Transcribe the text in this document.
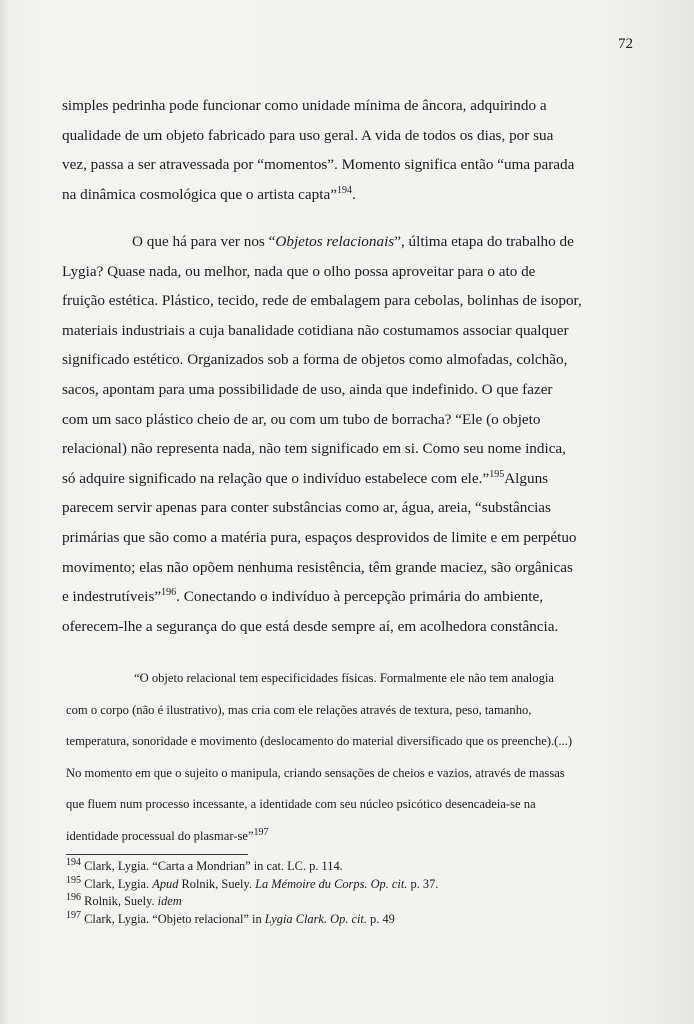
72

simples pedrinha pode funcionar como unidade mínima de âncora, adquirindo a qualidade de um objeto fabricado para uso geral. A vida de todos os dias, por sua vez, passa a ser atravessada por “momentos”. Momento significa então “uma parada na dinâmica cosmológica que o artista capta”$^{194}$.

O que há para ver nos “Objetos relacionais”, última etapa do trabalho de Lygia? Quase nada, ou melhor, nada que o olho possa aproveitar para o ato de fruição estética. Plástico, tecido, rede de embalagem para cebolas, bolinhas de isopor, materiais industriais a cuja banalidade cotidiana não costumamos associar qualquer significado estético. Organizados sob a forma de objetos como almofadas, colchão, sacos, apontam para uma possibilidade de uso, ainda que indefinido. O que fazer com um saco plástico cheio de ar, ou com um tubo de borracha? “Ele (o objeto relacional) não representa nada, não tem significado em si. Como seu nome indica, só adquire significado na relação que o indivíduo estabelece com ele.”$^{195}$Alguns parecem servir apenas para conter substâncias como ar, água, areia, “substâncias primárias que são como a matéria pura, espaços desprovidos de limite e em perpétuo movimento; elas não opõem nenhuma resistência, têm grande maciez, são orgânicas e indestrutíveis”$^{196}$. Conectando o indivíduo à percepção primária do ambiente, oferecem-lhe a segurança do que está desde sempre aí, em acolhedora constância.

“O objeto relacional tem especificidades físicas. Formalmente ele não tem analogia com o corpo (não é ilustrativo), mas cria com ele relações através de textura, peso, tamanho, temperatura, sonoridade e movimento (deslocamento do material diversificado que os preenche).(...) No momento em que o sujeito o manipula, criando sensações de cheios e vazios, através de massas que fluem num processo incessante, a identidade com seu núcleo psicótico desencadeia-se na identidade processual do plasmar-se”$^{197}$
$^{194}$ Clark, Lygia. “Carta a Mondrian” in cat. LC. p. 114.
$^{195}$ Clark, Lygia. Apud Rolnik, Suely. La Mémoire du Corps. Op. cit. p. 37.
$^{196}$ Rolnik, Suely. idem
$^{197}$ Clark, Lygia. “Objeto relacional” in Lygia Clark. Op. cit. p. 49
